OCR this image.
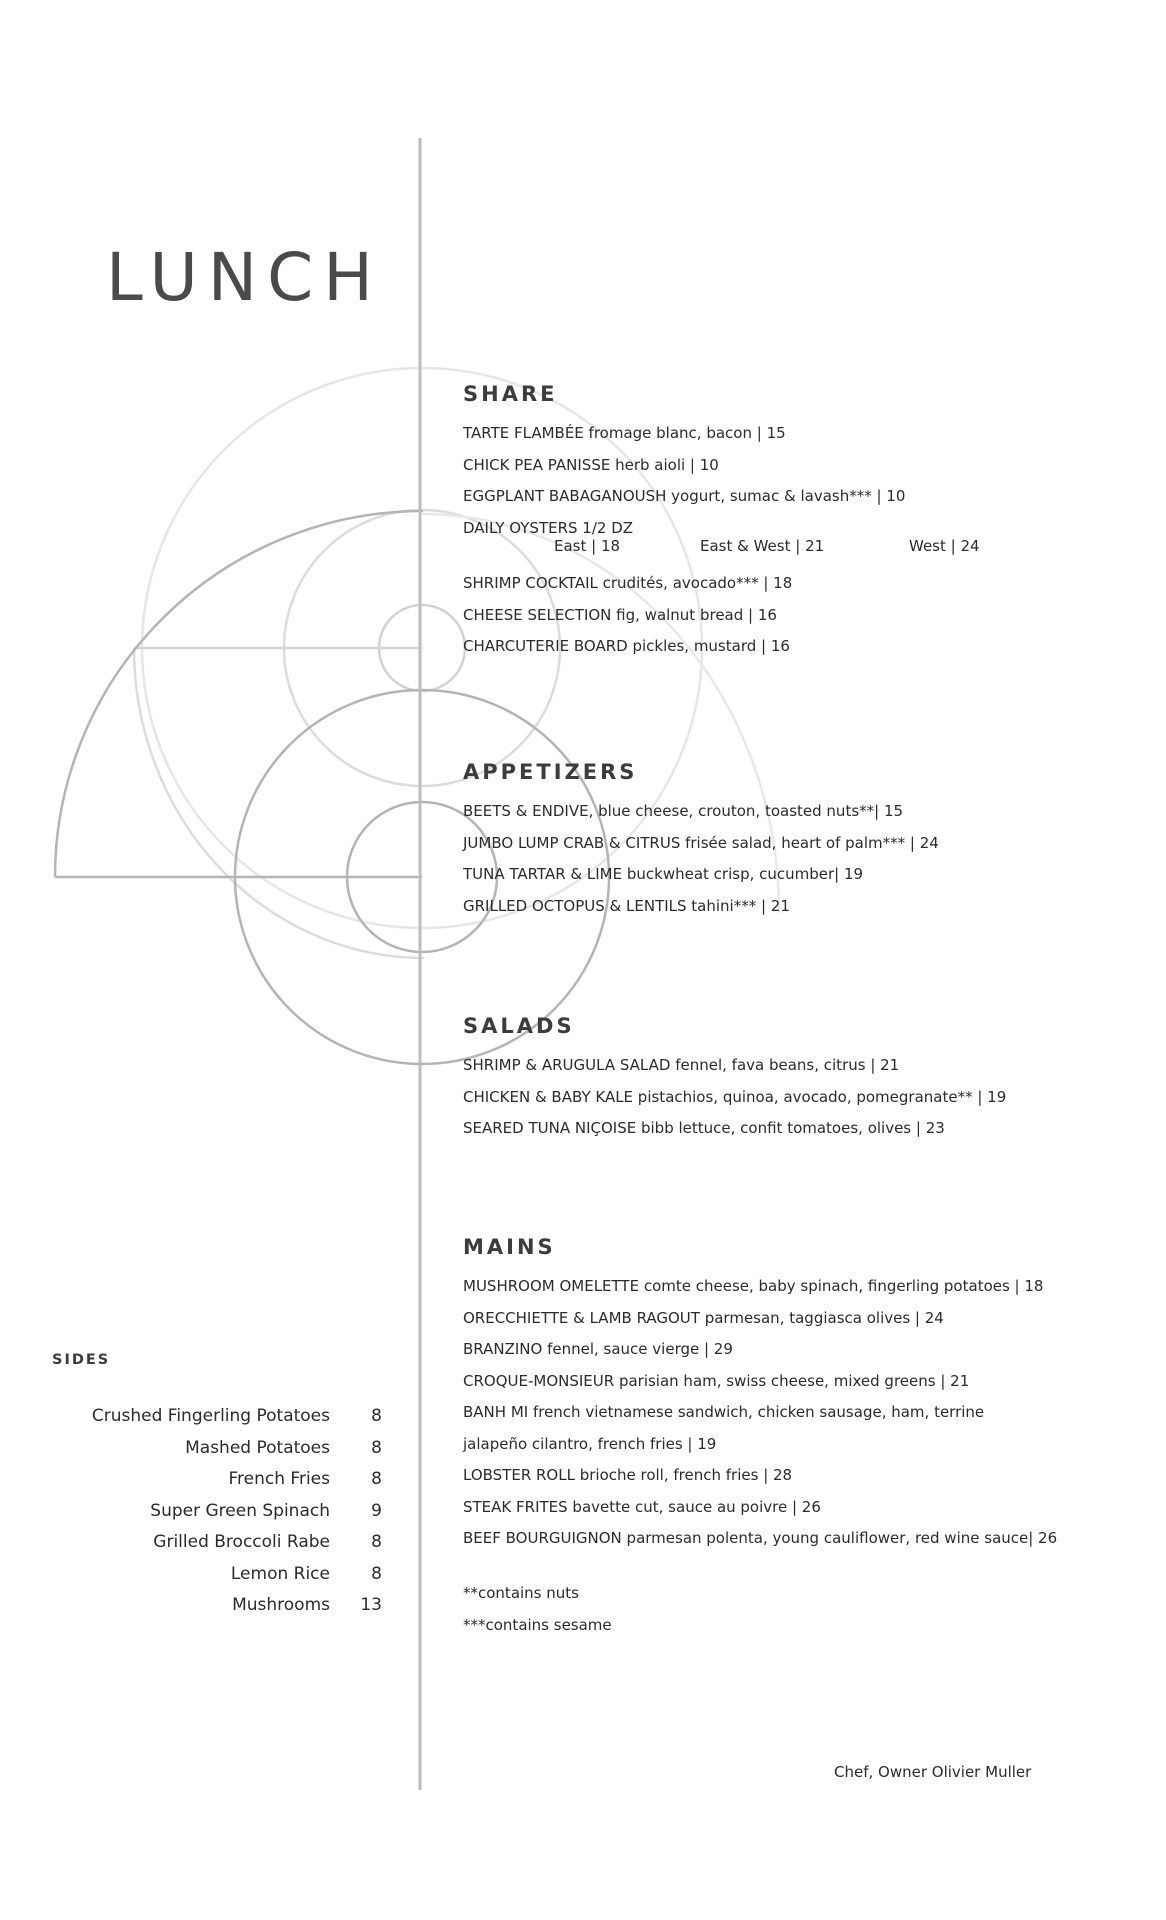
LUNCH
SHARE
TARTE FLAMBÉE fromage blanc, bacon | 15
CHICK PEA PANISSE herb aioli | 10
EGGPLANT BABAGANOUSH yogurt, sumac & lavash*** | 10
DAILY OYSTERS 1/2 DZ
East | 18	East & West | 21	West | 24
SHRIMP COCKTAIL crudités, avocado*** | 18
CHEESE SELECTION fig, walnut bread | 16
CHARCUTERIE BOARD pickles, mustard | 16
APPETIZERS
BEETS & ENDIVE, blue cheese, crouton, toasted nuts**| 15
JUMBO LUMP CRAB & CITRUS frisée salad, heart of palm*** | 24
TUNA TARTAR & LIME buckwheat crisp, cucumber| 19
GRILLED OCTOPUS & LENTILS tahini*** | 21
SALADS
SHRIMP & ARUGULA SALAD fennel, fava beans, citrus | 21
CHICKEN & BABY KALE pistachios, quinoa, avocado, pomegranate** | 19
SEARED TUNA NIÇOISE bibb lettuce, confit tomatoes, olives | 23
MAINS
MUSHROOM OMELETTE comte cheese, baby spinach, fingerling potatoes | 18
ORECCHIETTE & LAMB RAGOUT parmesan, taggiasca olives | 24
BRANZINO fennel, sauce vierge | 29
CROQUE-MONSIEUR parisian ham, swiss cheese, mixed greens | 21
BANH MI french vietnamese sandwich, chicken sausage, ham, terrine
jalapeño cilantro, french fries | 19
LOBSTER ROLL brioche roll, french fries | 28
STEAK FRITES bavette cut, sauce au poivre | 26
BEEF BOURGUIGNON parmesan polenta, young cauliflower, red wine sauce| 26
**contains nuts
***contains sesame
SIDES
Crushed Fingerling Potatoes	8
Mashed Potatoes	8
French Fries	8
Super Green Spinach	9
Grilled Broccoli Rabe	8
Lemon Rice	8
Mushrooms	13
Chef, Owner Olivier Muller
